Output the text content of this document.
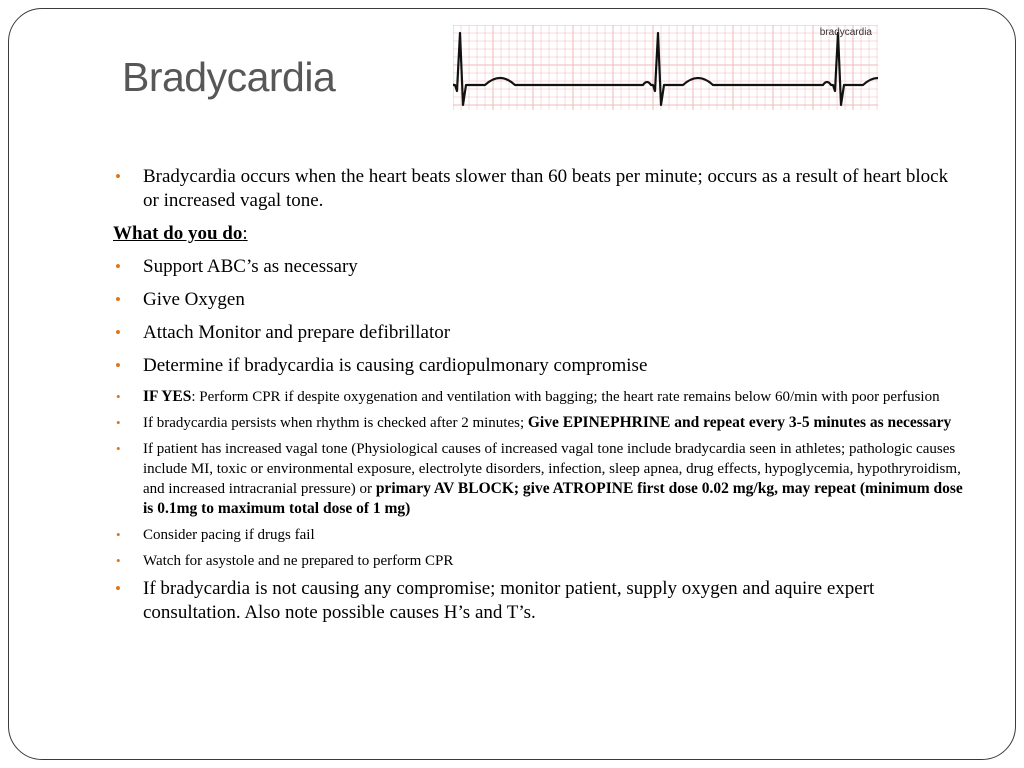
Bradycardia
bradycardia
• Bradycardia occurs when the heart beats slower than 60 beats per minute; occurs as a result of heart block or increased vagal tone.
What do you do:
• Support ABC’s as necessary
• Give Oxygen
• Attach Monitor and prepare defibrillator
• Determine if bradycardia is causing cardiopulmonary compromise
• IF YES: Perform CPR if despite oxygenation and ventilation with bagging; the heart rate remains below 60/min with poor perfusion
• If bradycardia persists when rhythm is checked after 2 minutes; Give EPINEPHRINE and repeat every 3-5 minutes as necessary
• If patient has increased vagal tone (Physiological causes of increased vagal tone include bradycardia seen in athletes; pathologic causes include MI, toxic or environmental exposure, electrolyte disorders, infection, sleep apnea, drug effects, hypoglycemia, hypothryroidism, and increased intracranial pressure) or primary AV BLOCK; give ATROPINE first dose 0.02 mg/kg, may repeat (minimum dose is 0.1mg to maximum total dose of 1 mg)
• Consider pacing if drugs fail
• Watch for asystole and ne prepared to perform CPR
• If bradycardia is not causing any compromise; monitor patient, supply oxygen and aquire expert consultation. Also note possible causes H’s and T’s.
